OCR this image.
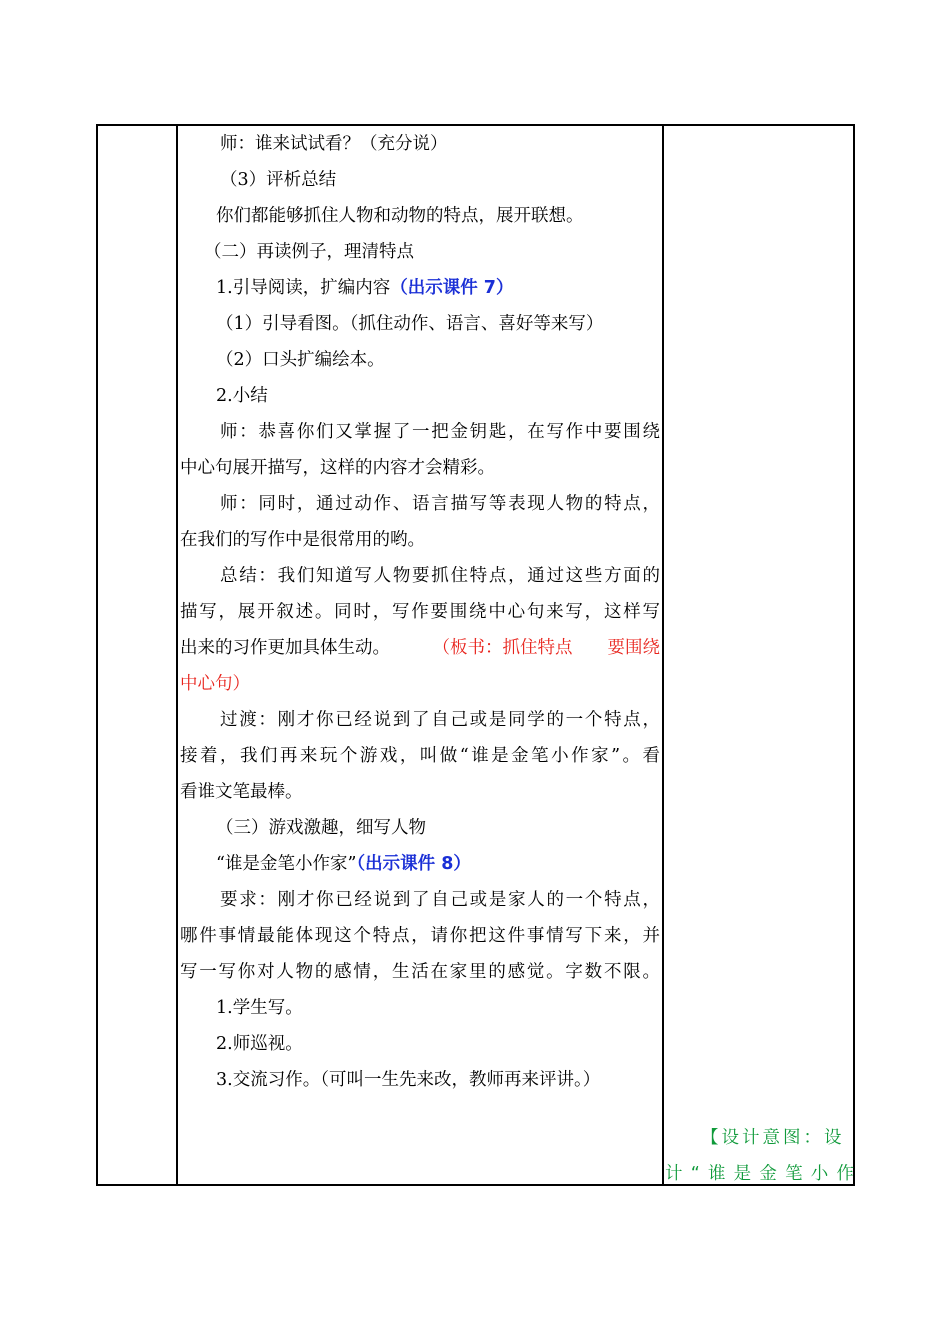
师：谁来试试看？（充分说）
（3）评析总结
你们都能够抓住人物和动物的特点，展开联想。
（二）再读例子，理清特点
1.引导阅读，扩编内容（出示课件 7）
（1）引导看图。（抓住动作、语言、喜好等来写）
（2）口头扩编绘本。
2.小结
师：恭喜你们又掌握了一把金钥匙，在写作中要围绕
中心句展开描写，这样的内容才会精彩。
师：同时，通过动作、语言描写等表现人物的特点，
在我们的写作中是很常用的哟。
总结：我们知道写人物要抓住特点，通过这些方面的
描写，展开叙述。同时，写作要围绕中心句来写，这样写
出来的习作更加具体生动。 （板书：抓住特点　　要围绕
中心句）
过渡：刚才你已经说到了自己或是同学的一个特点，
接着，我们再来玩个游戏，叫做“谁是金笔小作家”。看
看谁文笔最棒。
（三）游戏激趣，细写人物
“谁是金笔小作家”（出示课件 8）
要求：刚才你已经说到了自己或是家人的一个特点，
哪件事情最能体现这个特点，请你把这件事情写下来，并
写一写你对人物的感情，生活在家里的感觉。字数不限。
1.学生写。
2.师巡视。
3.交流习作。（可叫一生先来改，教师再来评讲。）
【设计意图：设
计“谁是金笔小作
